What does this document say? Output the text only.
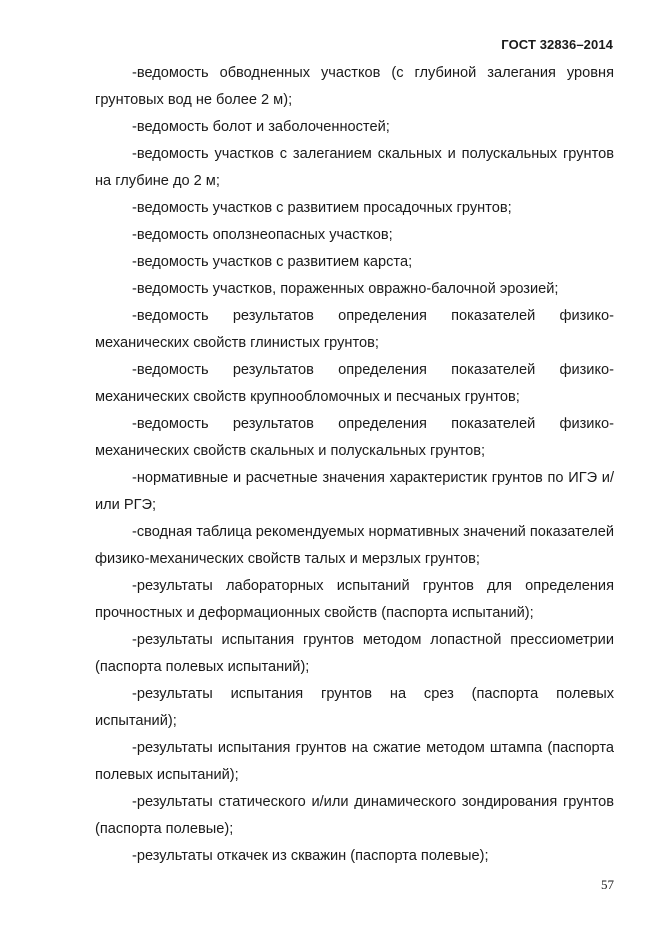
ГОСТ 32836–2014

-ведомость обводненных участков (с глубиной залегания уровня грунтовых вод не более 2 м);

-ведомость болот и заболоченностей;

-ведомость участков с залеганием скальных и полускальных грунтов на глубине до 2 м;

-ведомость участков с развитием просадочных грунтов;

-ведомость оползнеопасных участков;

-ведомость участков с развитием карста;

-ведомость участков, пораженных овражно-балочной эрозией;

-ведомость результатов определения показателей физико-механических свойств глинистых грунтов;

-ведомость результатов определения показателей физико-механических свойств крупнообломочных и песчаных грунтов;

-ведомость результатов определения показателей физико-механических свойств скальных и полускальных грунтов;

-нормативные и расчетные значения характеристик грунтов по ИГЭ и/или РГЭ;

-сводная таблица рекомендуемых нормативных значений показателей физико-механических свойств талых и мерзлых грунтов;

-результаты лабораторных испытаний грунтов для определения прочностных и деформационных свойств (паспорта испытаний);

-результаты испытания грунтов методом лопастной прессиометрии (паспорта полевых испытаний);

-результаты испытания грунтов на срез (паспорта полевых испытаний);

-результаты испытания грунтов на сжатие методом штампа (паспорта полевых испытаний);

-результаты статического и/или динамического зондирования грунтов (паспорта полевые);

-результаты откачек из скважин (паспорта полевые);

57
